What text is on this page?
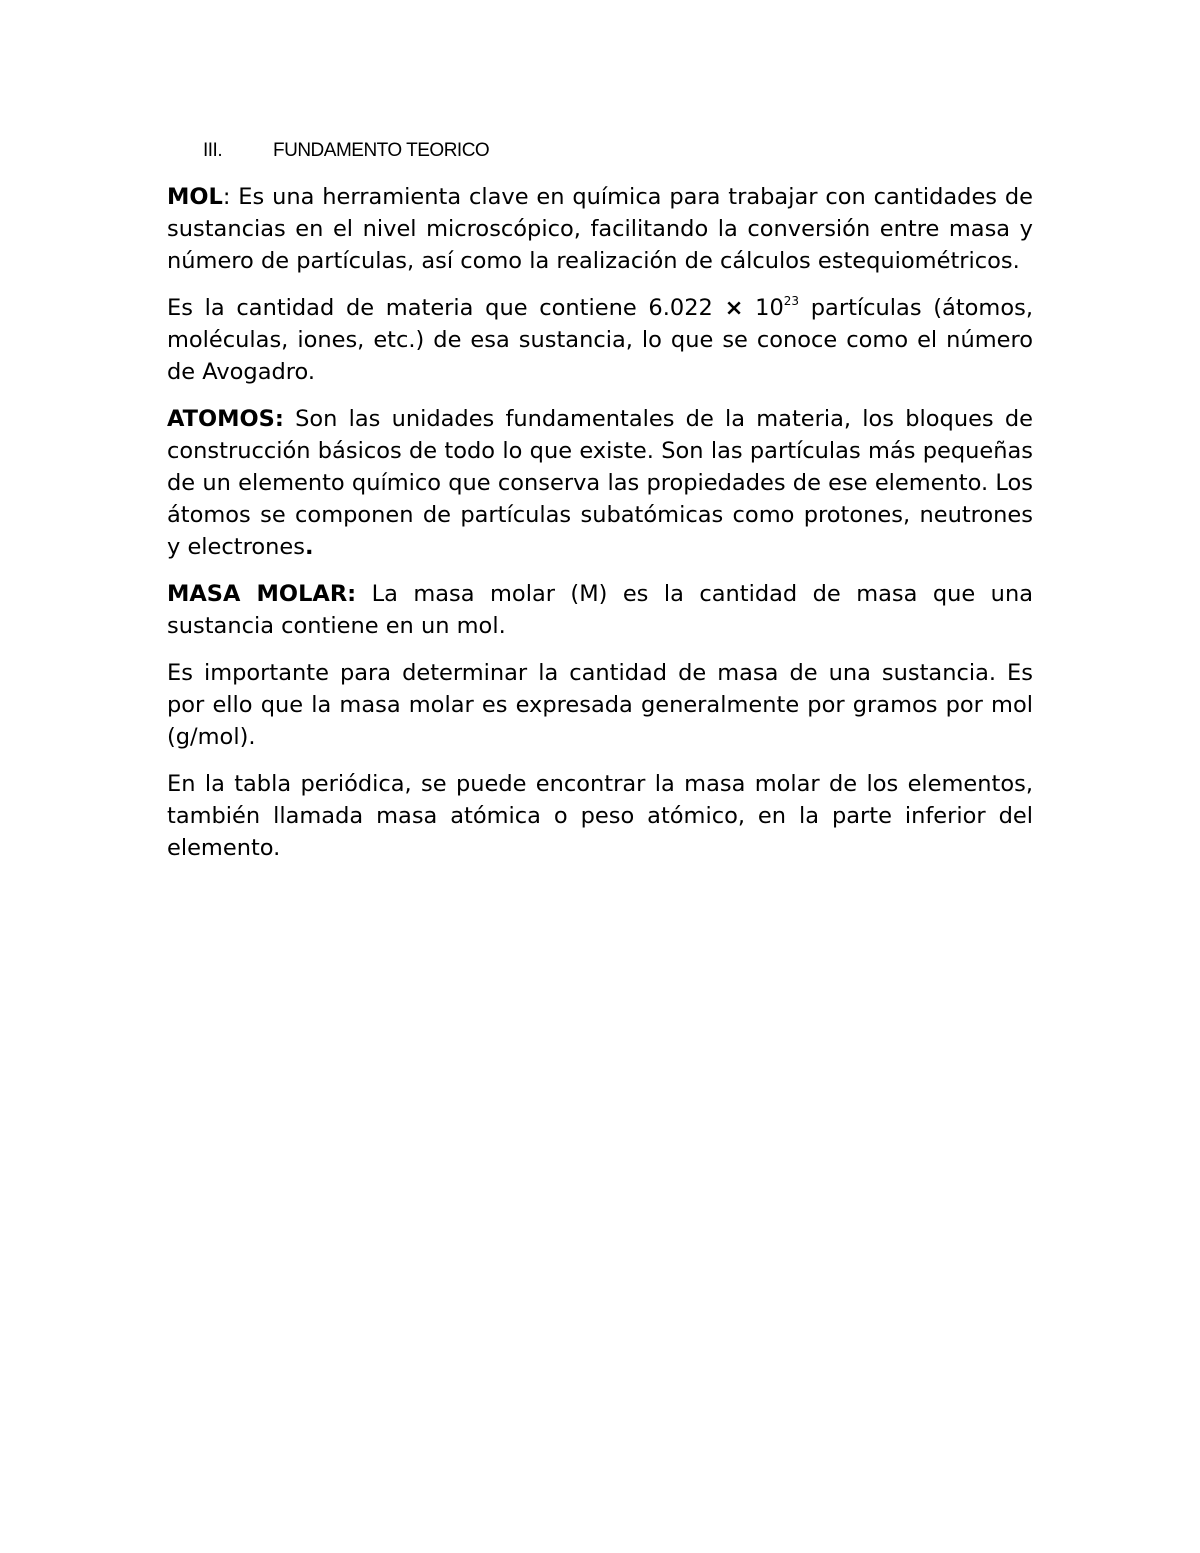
III.	FUNDAMENTO TEORICO

MOL: Es una herramienta clave en química para trabajar con cantidades de sustancias en el nivel microscópico, facilitando la conversión entre masa y número de partículas, así como la realización de cálculos estequiométricos.

Es la cantidad de materia que contiene $6.022 \times 10^{23}$ partículas (átomos, moléculas, iones, etc.) de esa sustancia, lo que se conoce como el número de Avogadro.

ATOMOS: Son las unidades fundamentales de la materia, los bloques de construcción básicos de todo lo que existe. Son las partículas más pequeñas de un elemento químico que conserva las propiedades de ese elemento. Los átomos se componen de partículas subatómicas como protones, neutrones y electrones.

MASA MOLAR: La masa molar (M) es la cantidad de masa que una sustancia contiene en un mol.

Es importante para determinar la cantidad de masa de una sustancia. Es por ello que la masa molar es expresada generalmente por gramos por mol (g/mol).

En la tabla periódica, se puede encontrar la masa molar de los elementos, también llamada masa atómica o peso atómico, en la parte inferior del elemento.
